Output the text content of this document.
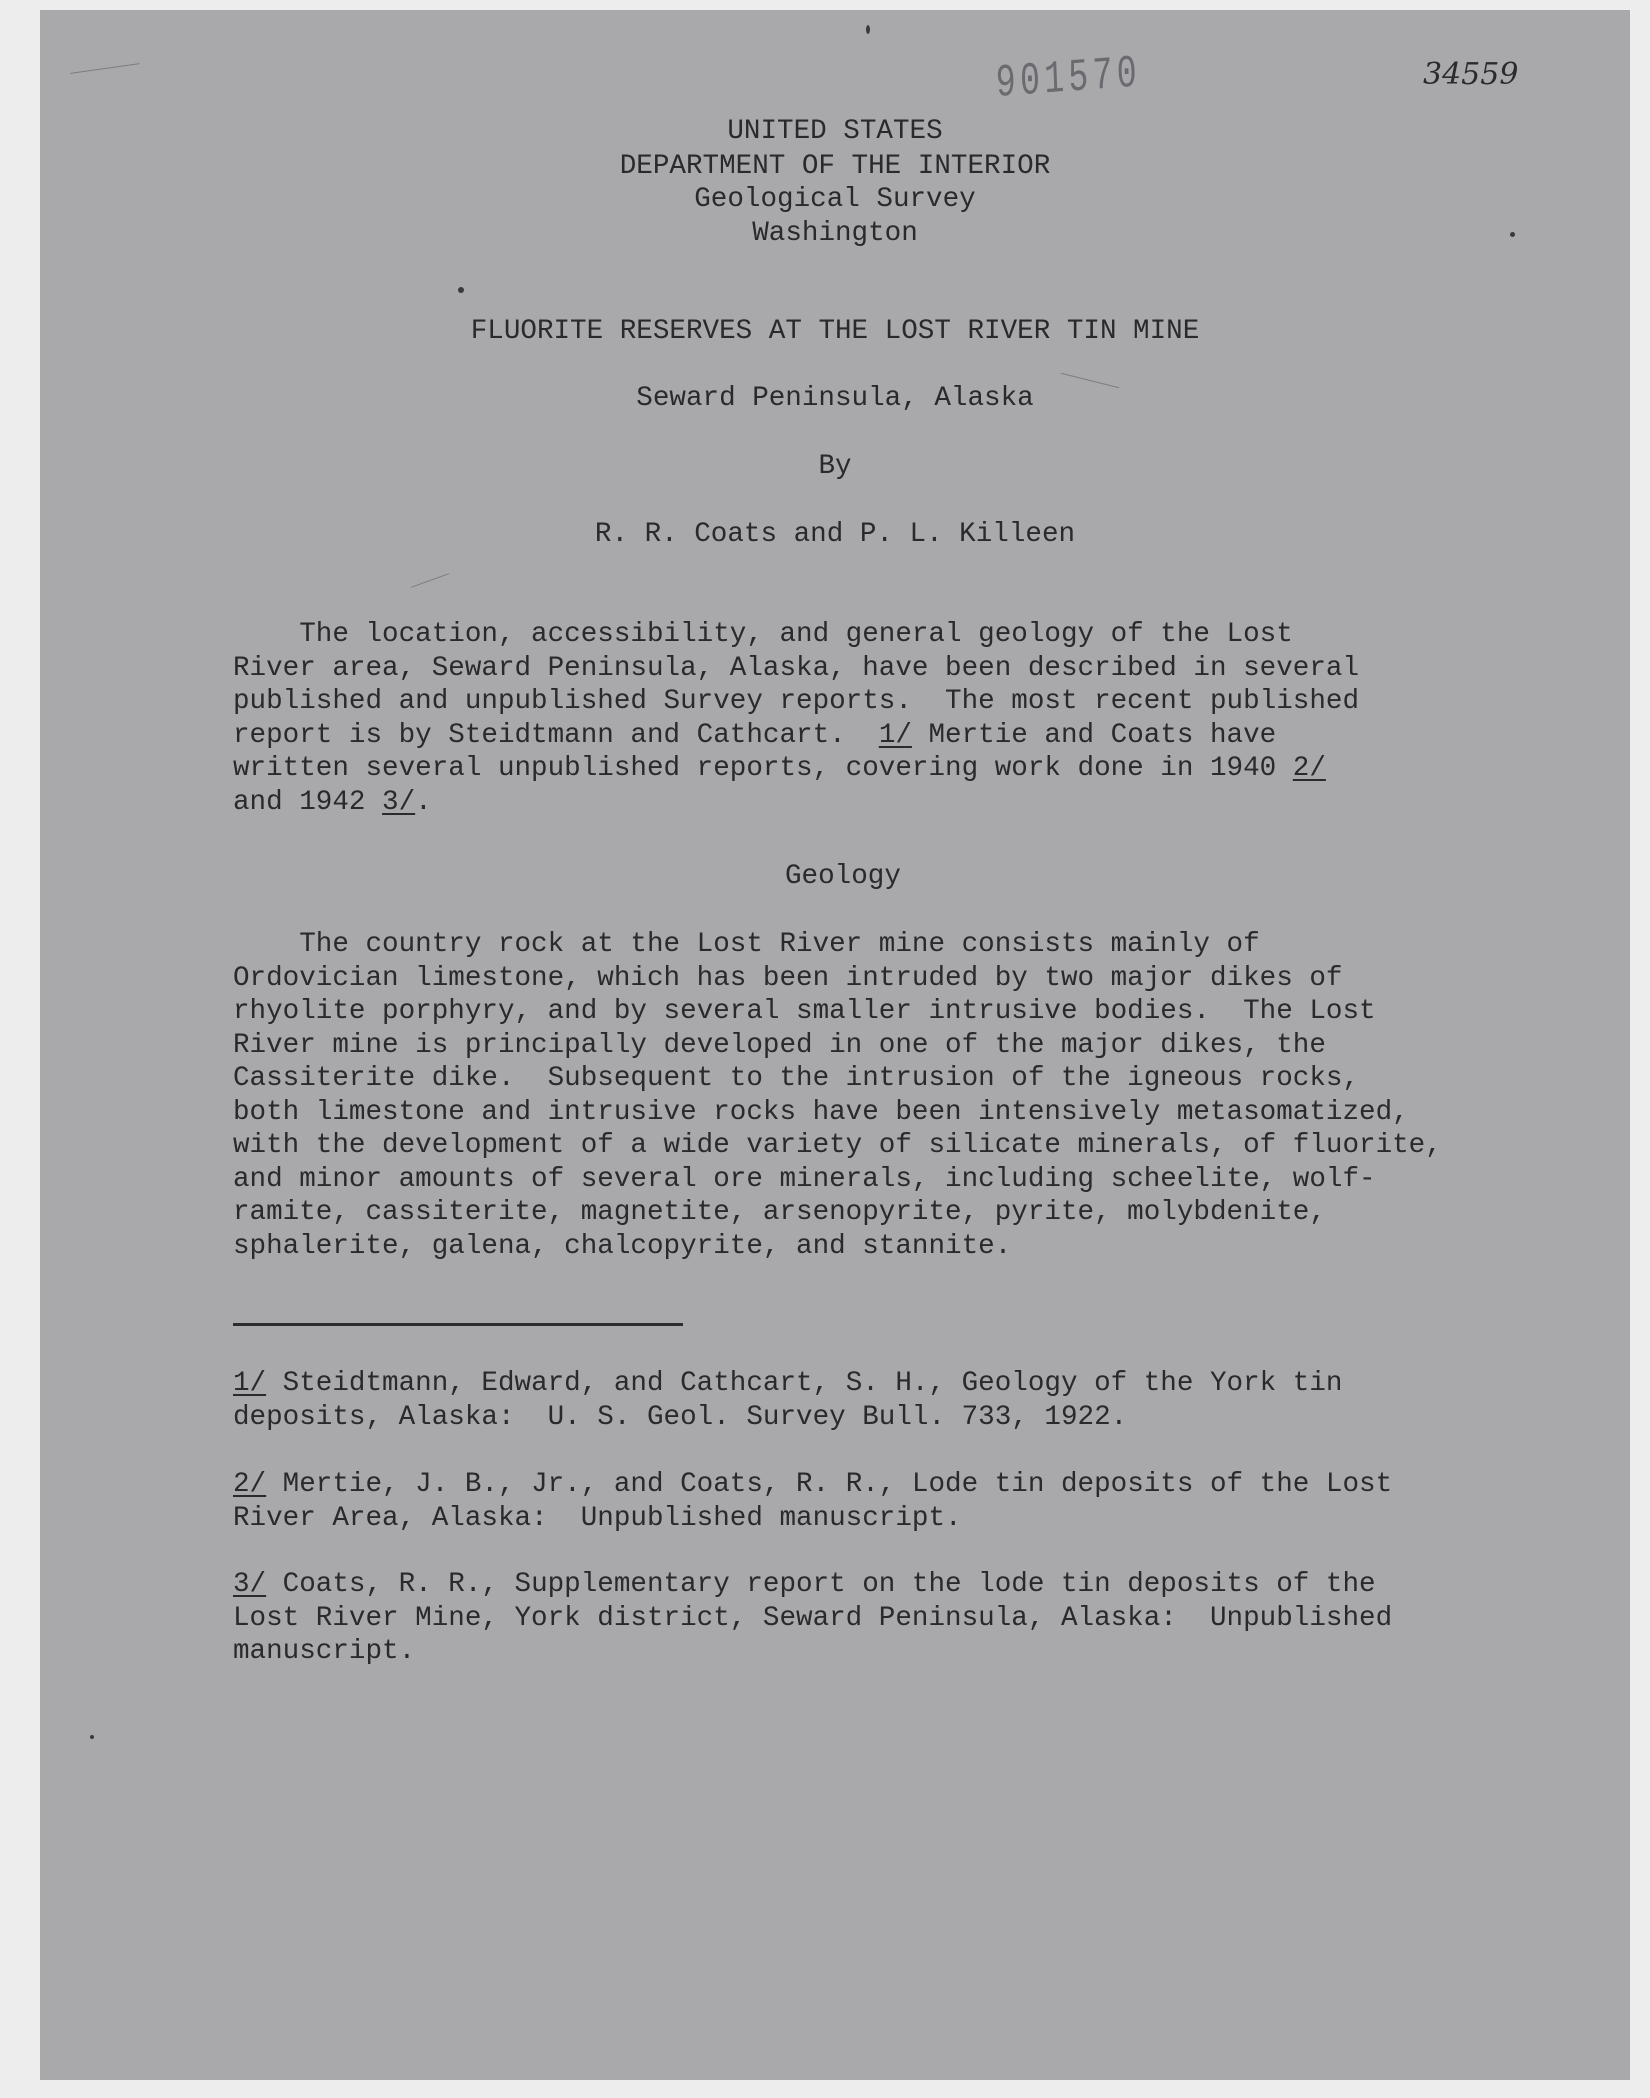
901570	34559
UNITED STATES
DEPARTMENT OF THE INTERIOR
Geological Survey
Washington
FLUORITE RESERVES AT THE LOST RIVER TIN MINE
Seward Peninsula, Alaska
By
R. R. Coats and P. L. Killeen
The location, accessibility, and general geology of the Lost
River area, Seward Peninsula, Alaska, have been described in several
published and unpublished Survey reports.  The most recent published
report is by Steidtmann and Cathcart.  1/ Mertie and Coats have
written several unpublished reports, covering work done in 1940 2/
and 1942 3/.
Geology
The country rock at the Lost River mine consists mainly of
Ordovician limestone, which has been intruded by two major dikes of
rhyolite porphyry, and by several smaller intrusive bodies.  The Lost
River mine is principally developed in one of the major dikes, the
Cassiterite dike.  Subsequent to the intrusion of the igneous rocks,
both limestone and intrusive rocks have been intensively metasomatized,
with the development of a wide variety of silicate minerals, of fluorite,
and minor amounts of several ore minerals, including scheelite, wolf-
ramite, cassiterite, magnetite, arsenopyrite, pyrite, molybdenite,
sphalerite, galena, chalcopyrite, and stannite.
1/ Steidtmann, Edward, and Cathcart, S. H., Geology of the York tin
deposits, Alaska:  U. S. Geol. Survey Bull. 733, 1922.
2/ Mertie, J. B., Jr., and Coats, R. R., Lode tin deposits of the Lost
River Area, Alaska:  Unpublished manuscript.
3/ Coats, R. R., Supplementary report on the lode tin deposits of the
Lost River Mine, York district, Seward Peninsula, Alaska:  Unpublished
manuscript.
